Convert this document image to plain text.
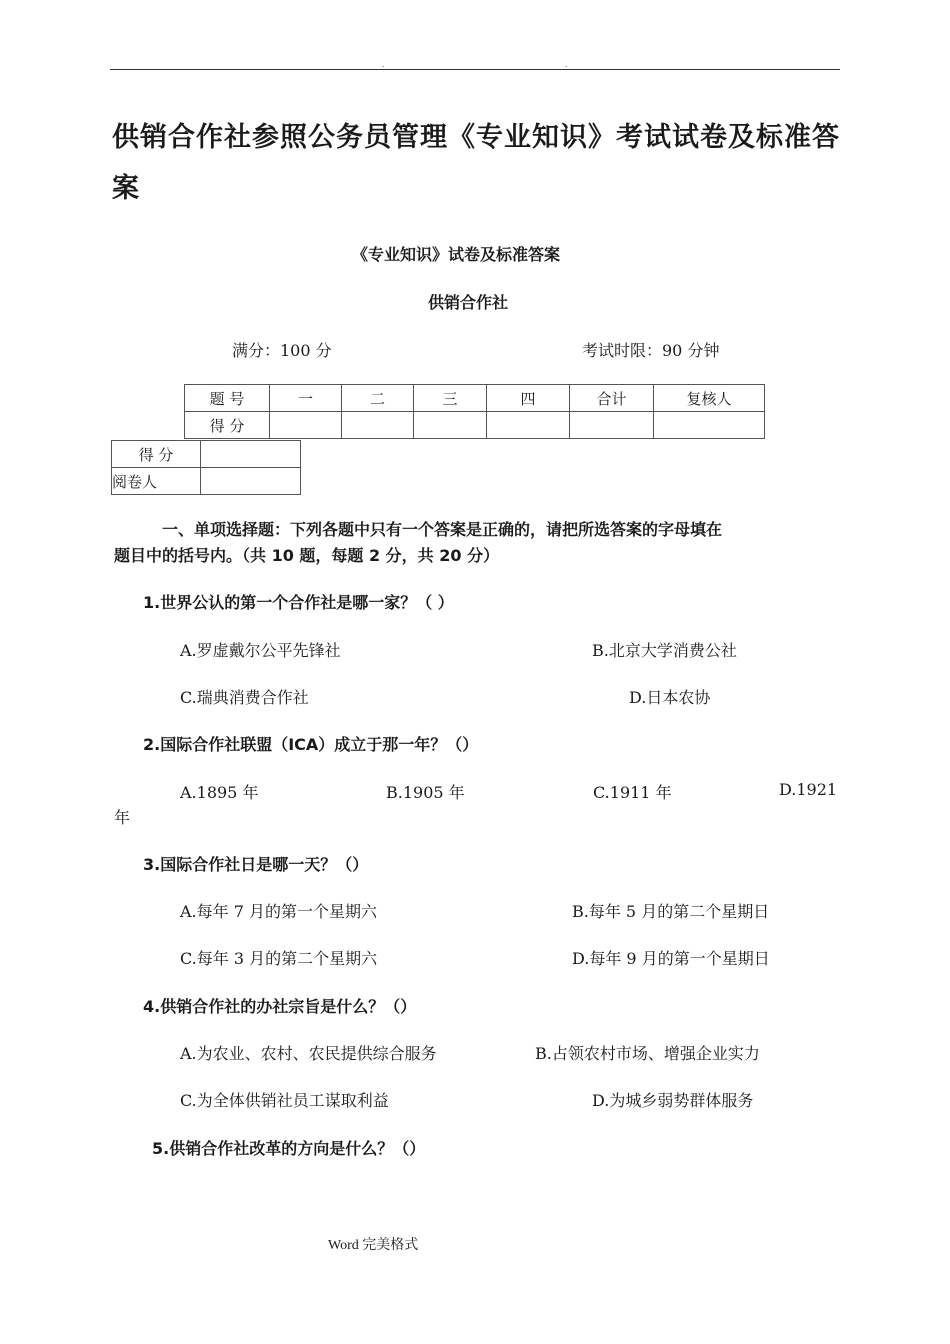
.	.
供销合作社参照公务员管理《专业知识》考试试卷及标准答案
《专业知识》试卷及标准答案
供销合作社
满分：100 分	考试时限：90 分钟
题 号	一	二	三	四	合计	复核人
得 分						
得 分	
阅卷人	
一、单项选择题：下列各题中只有一个答案是正确的，请把所选答案的字母填在
题目中的括号内。（共 10 题，每题 2 分，共 20 分）
1.世界公认的第一个合作社是哪一家？（ ）
A.罗虚戴尔公平先锋社	B.北京大学消费公社
C.瑞典消费合作社	D.日本农协
2.国际合作社联盟（ICA）成立于那一年？（）
A.1895 年	B.1905 年	C.1911 年	D.1921
年
3.国际合作社日是哪一天？（）
A.每年 7 月的第一个星期六	B.每年 5 月的第二个星期日
C.每年 3 月的第二个星期六	D.每年 9 月的第一个星期日
4.供销合作社的办社宗旨是什么？（）
A.为农业、农村、农民提供综合服务	B.占领农村市场、增强企业实力
C.为全体供销社员工谋取利益	D.为城乡弱势群体服务
5.供销合作社改革的方向是什么？（）
Word 完美格式
